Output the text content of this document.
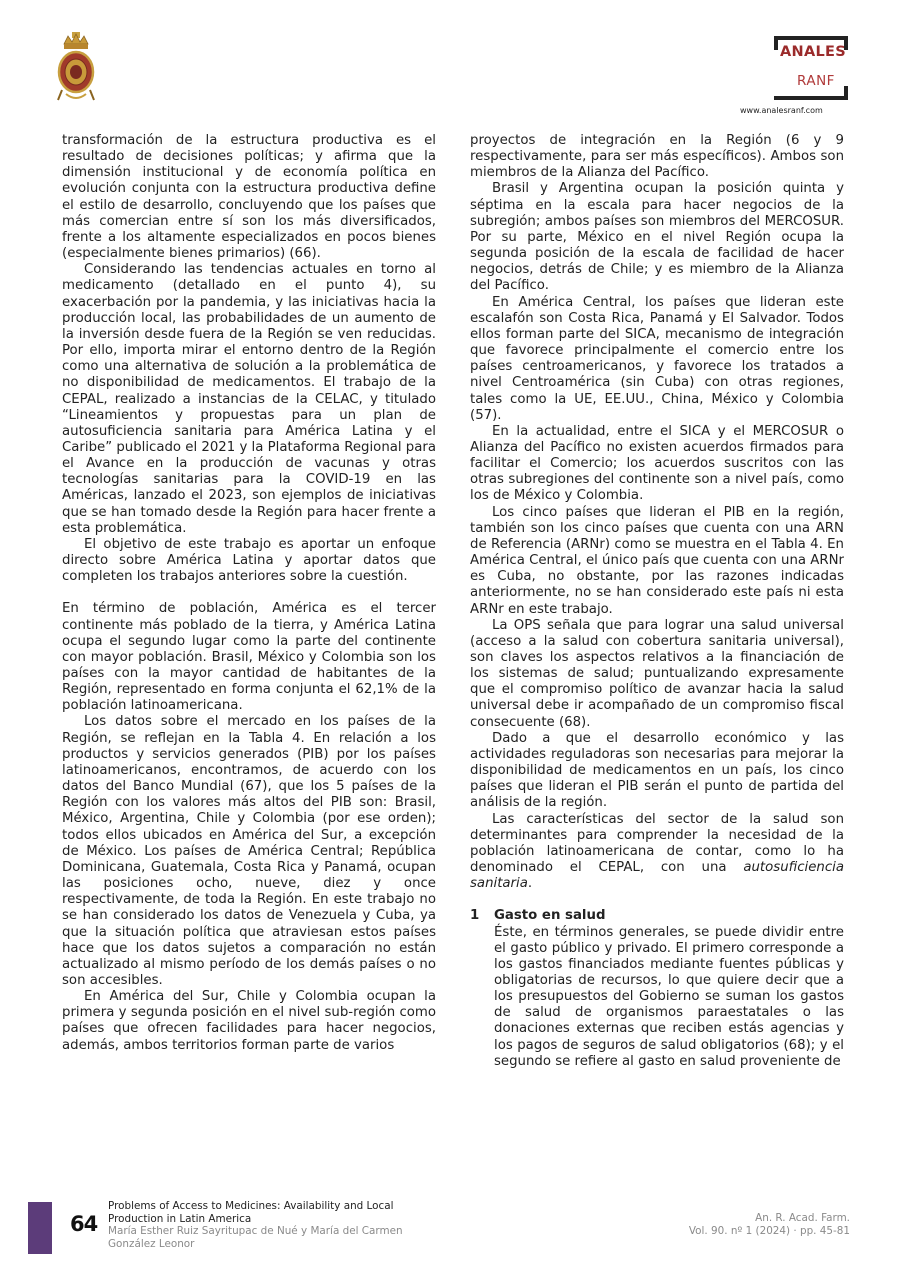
ANALES
RANF
www.analesranf.com

transformación de la estructura productiva es el resultado de decisiones políticas; y afirma que la dimensión institucional y de economía política en evolución conjunta con la estructura productiva define el estilo de desarrollo, concluyendo que los países que más comercian entre sí son los más diversificados, frente a los altamente especializados en pocos bienes (especialmente bienes primarios) (66).

Considerando las tendencias actuales en torno al medicamento (detallado en el punto 4), su exacerbación por la pandemia, y las iniciativas hacia la producción local, las probabilidades de un aumento de la inversión desde fuera de la Región se ven reducidas. Por ello, importa mirar el entorno dentro de la Región como una alternativa de solución a la problemática de no disponibilidad de medicamentos. El trabajo de la CEPAL, realizado a instancias de la CELAC, y titulado “Lineamientos y propuestas para un plan de autosuficiencia sanitaria para América Latina y el Caribe” publicado el 2021 y la Plataforma Regional para el Avance en la producción de vacunas y otras tecnologías sanitarias para la COVID-19 en las Américas, lanzado el 2023, son ejemplos de iniciativas que se han tomado desde la Región para hacer frente a esta problemática.

El objetivo de este trabajo es aportar un enfoque directo sobre América Latina y aportar datos que completen los trabajos anteriores sobre la cuestión.

En término de población, América es el tercer continente más poblado de la tierra, y América Latina ocupa el segundo lugar como la parte del continente con mayor población. Brasil, México y Colombia son los países con la mayor cantidad de habitantes de la Región, representado en forma conjunta el 62,1% de la población latinoamericana.

Los datos sobre el mercado en los países de la Región, se reflejan en la Tabla 4. En relación a los productos y servicios generados (PIB) por los países latinoamericanos, encontramos, de acuerdo con los datos del Banco Mundial (67), que los 5 países de la Región con los valores más altos del PIB son: Brasil, México, Argentina, Chile y Colombia (por ese orden); todos ellos ubicados en América del Sur, a excepción de México. Los países de América Central; República Dominicana, Guatemala, Costa Rica y Panamá, ocupan las posiciones ocho, nueve, diez y once respectivamente, de toda la Región. En este trabajo no se han considerado los datos de Venezuela y Cuba, ya que la situación política que atraviesan estos países hace que los datos sujetos a comparación no están actualizado al mismo período de los demás países o no son accesibles.

En América del Sur, Chile y Colombia ocupan la primera y segunda posición en el nivel sub-región como países que ofrecen facilidades para hacer negocios, además, ambos territorios forman parte de varios

proyectos de integración en la Región (6 y 9 respectivamente, para ser más específicos). Ambos son miembros de la Alianza del Pacífico.

Brasil y Argentina ocupan la posición quinta y séptima en la escala para hacer negocios de la subregión; ambos países son miembros del MERCOSUR. Por su parte, México en el nivel Región ocupa la segunda posición de la escala de facilidad de hacer negocios, detrás de Chile; y es miembro de la Alianza del Pacífico.

En América Central, los países que lideran este escalafón son Costa Rica, Panamá y El Salvador. Todos ellos forman parte del SICA, mecanismo de integración que favorece principalmente el comercio entre los países centroamericanos, y favorece los tratados a nivel Centroamérica (sin Cuba) con otras regiones, tales como la UE, EE.UU., China, México y Colombia (57).

En la actualidad, entre el SICA y el MERCOSUR o Alianza del Pacífico no existen acuerdos firmados para facilitar el Comercio; los acuerdos suscritos con las otras subregiones del continente son a nivel país, como los de México y Colombia.

Los cinco países que lideran el PIB en la región, también son los cinco países que cuenta con una ARN de Referencia (ARNr) como se muestra en el Tabla 4. En América Central, el único país que cuenta con una ARNr es Cuba, no obstante, por las razones indicadas anteriormente, no se han considerado este país ni esta ARNr en este trabajo.

La OPS señala que para lograr una salud universal (acceso a la salud con cobertura sanitaria universal), son claves los aspectos relativos a la financiación de los sistemas de salud; puntualizando expresamente que el compromiso político de avanzar hacia la salud universal debe ir acompañado de un compromiso fiscal consecuente (68).

Dado a que el desarrollo económico y las actividades reguladoras son necesarias para mejorar la disponibilidad de medicamentos en un país, los cinco países que lideran el PIB serán el punto de partida del análisis de la región.

Las características del sector de la salud son determinantes para comprender la necesidad de la población latinoamericana de contar, como lo ha denominado el CEPAL, con una autosuficiencia sanitaria.

1	Gasto en salud

Éste, en términos generales, se puede dividir entre el gasto público y privado. El primero corresponde a los gastos financiados mediante fuentes públicas y obligatorias de recursos, lo que quiere decir que a los presupuestos del Gobierno se suman los gastos de salud de organismos paraestatales o las donaciones externas que reciben estás agencias y los pagos de seguros de salud obligatorios (68); y el segundo se refiere al gasto en salud proveniente de

64
Problems of Access to Medicines: Availability and Local Production in Latin America
María Esther Ruiz Sayritupac de Nué y María del Carmen González Leonor
An. R. Acad. Farm.
Vol. 90. nº 1 (2024) · pp. 45-81
